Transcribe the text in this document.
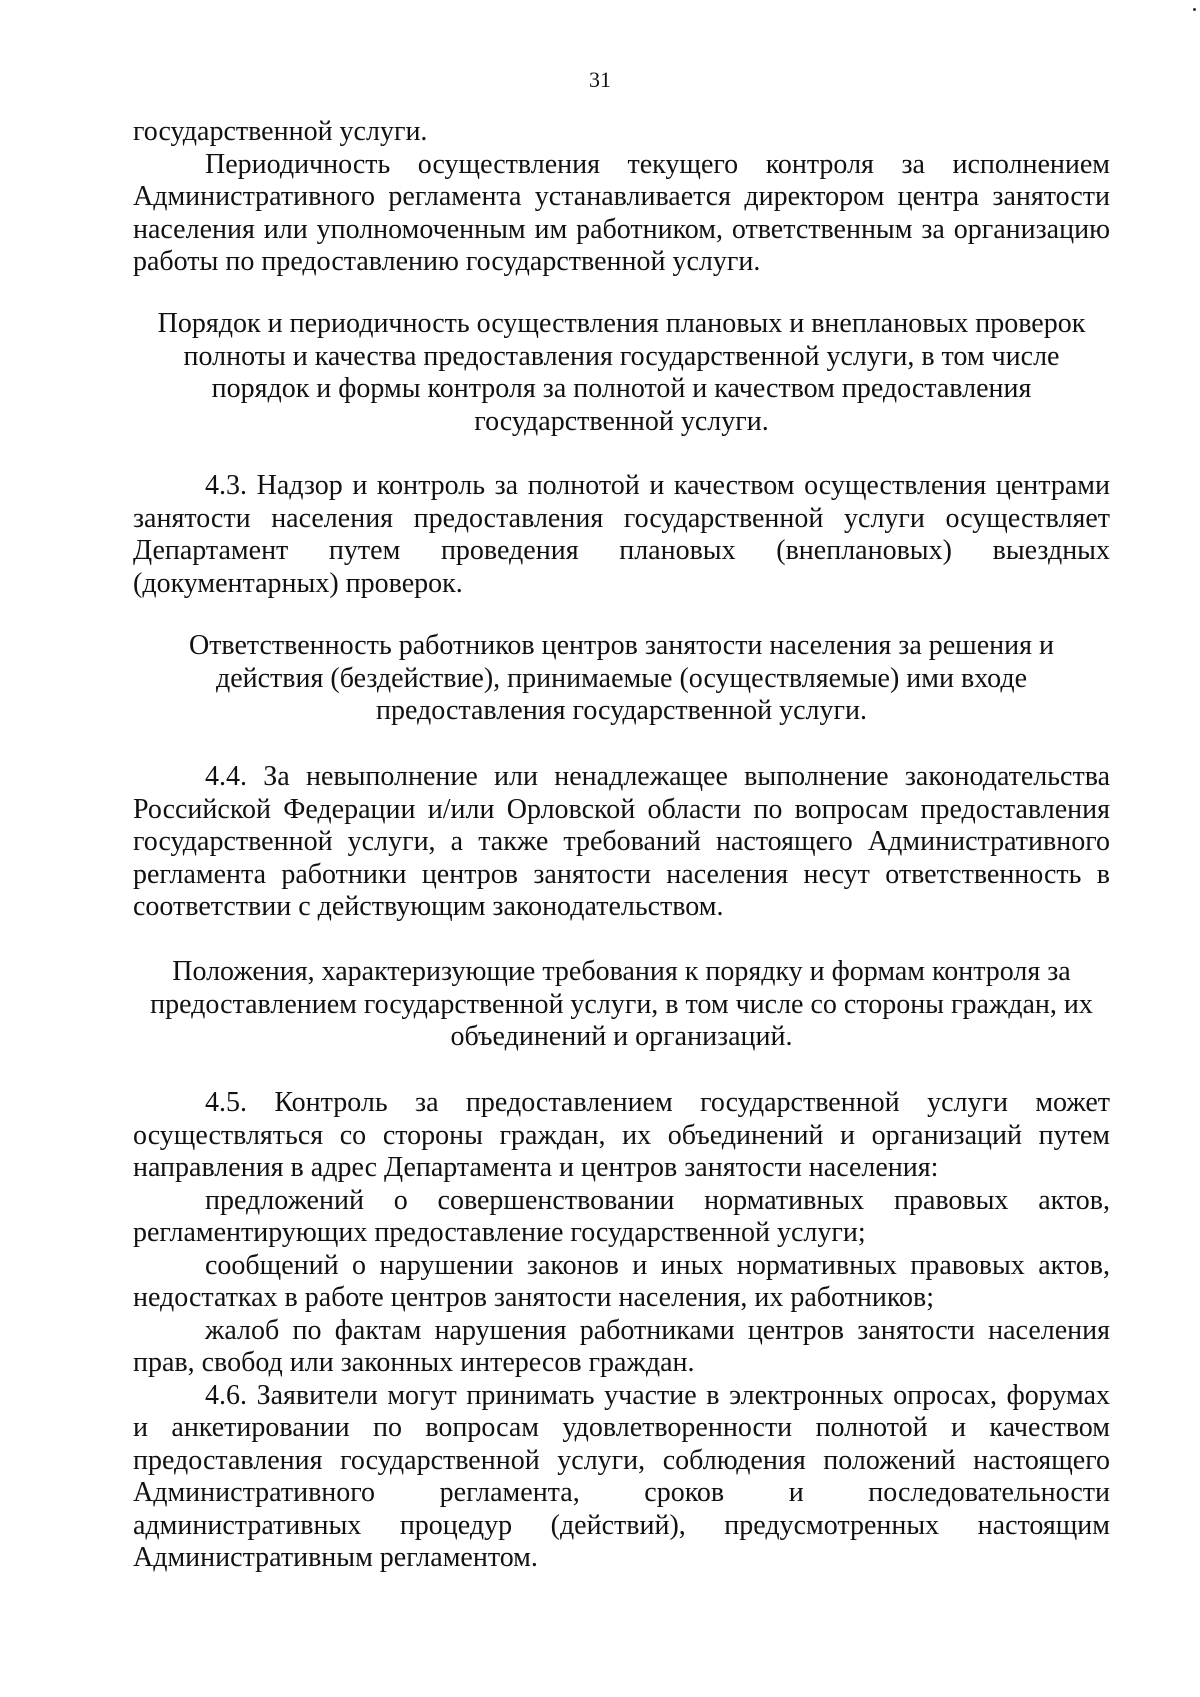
31

государственной услуги.

Периодичность осуществления текущего контроля за исполнением Административного регламента устанавливается директором центра занятости населения или уполномоченным им работником, ответственным за организацию работы по предоставлению государственной услуги.

Порядок и периодичность осуществления плановых и внеплановых проверок полноты и качества предоставления государственной услуги, в том числе порядок и формы контроля за полнотой и качеством предоставления государственной услуги.

4.3. Надзор и контроль за полнотой и качеством осуществления центрами занятости населения предоставления государственной услуги осуществляет Департамент путем проведения плановых (внеплановых) выездных (документарных) проверок.

Ответственность работников центров занятости населения за решения и действия (бездействие), принимаемые (осуществляемые) ими входе предоставления государственной услуги.

4.4. За невыполнение или ненадлежащее выполнение законодательства Российской Федерации и/или Орловской области по вопросам предоставления государственной услуги, а также требований настоящего Административного регламента работники центров занятости населения несут ответственность в соответствии с действующим законодательством.

Положения, характеризующие требования к порядку и формам контроля за предоставлением государственной услуги, в том числе со стороны граждан, их объединений и организаций.

4.5. Контроль за предоставлением государственной услуги может осуществляться со стороны граждан, их объединений и организаций путем направления в адрес Департамента и центров занятости населения:

предложений о совершенствовании нормативных правовых актов, регламентирующих предоставление государственной услуги;

сообщений о нарушении законов и иных нормативных правовых актов, недостатках в работе центров занятости населения, их работников;

жалоб по фактам нарушения работниками центров занятости населения прав, свобод или законных интересов граждан.

4.6. Заявители могут принимать участие в электронных опросах, форумах и анкетировании по вопросам удовлетворенности полнотой и качеством предоставления государственной услуги, соблюдения положений настоящего Административного регламента, сроков и последовательности административных процедур (действий), предусмотренных настоящим Административным регламентом.
